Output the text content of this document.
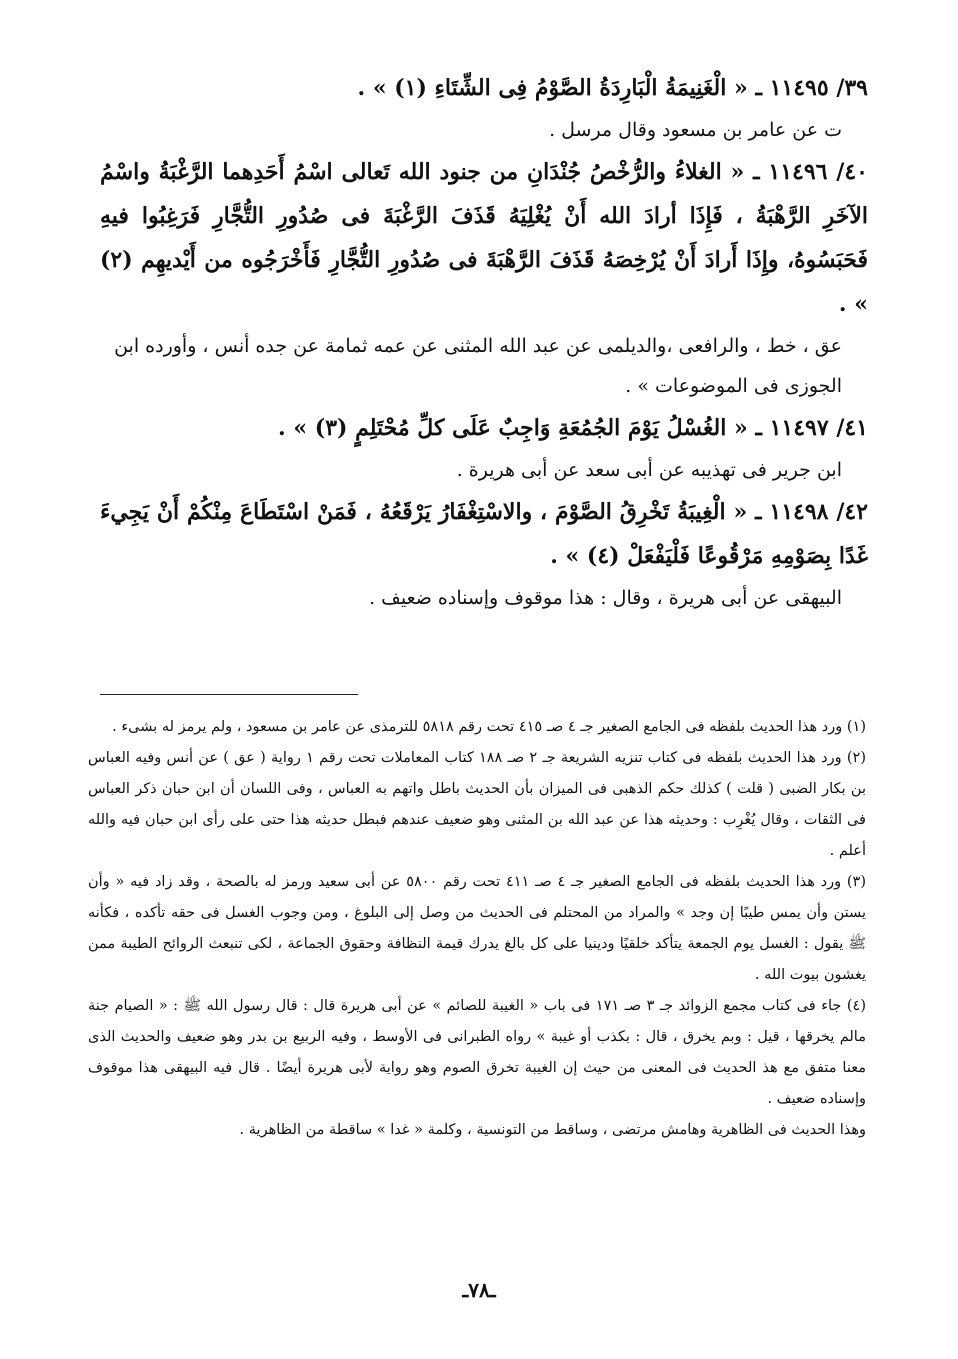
٣٩/ ١١٤٩٥ ـ « الْغَنِيمَةُ الْبَارِدَةُ الصَّوْمُ فِى الشِّتَاءِ (١) » .

ت عن عامر بن مسعود وقال مرسل .

٤٠/ ١١٤٩٦ ـ « الغلاءُ والرُّخْصُ جُنْدَانِ من جنود الله تَعالى اسْمُ أَحَدِهما الرَّغْبَةُ واسْمُ الآخَرِ الرَّهْبَةُ ، فَإِذَا أرادَ الله أَنْ يُغْلِيَهُ قَذَفَ الرَّغْبَةَ فى صُدُورِ التُّجَّارِ فَرَغِبُوا فيهِ فَحَبَسُوهُ، وإِذَا أَرادَ أَنْ يُرْخِصَهُ قَذَفَ الرَّهْبَةَ فى صُدُورِ التُّجَّارِ فَأَخْرَجُوه من أَيْديهِم (٢) » .

عق ، خط ، والرافعى ،والديلمى عن عبد الله المثنى عن عمه ثمامة عن جده أنس ، وأورده ابن الجوزى فى الموضوعات » .

٤١/ ١١٤٩٧ ـ « الغُسْلُ يَوْمَ الجُمُعَةِ وَاجِبٌ عَلَى كلِّ مُحْتَلِمٍ (٣) » .

ابن جرير فى تهذيبه عن أبى سعد عن أبى هريرة .

٤٢/ ١١٤٩٨ ـ « الْغِيبَةُ تَخْرِقُ الصَّوْمَ ، والاسْتِغْفَارُ يَرْقَعُهُ ، فَمَنْ اسْتَطَاعَ مِنْكُمْ أَنْ يَجِيءَ غَدًا بِصَوْمِهِ مَرْقُوعًا فَلْيَفْعَلْ (٤) » .

البيهقى عن أبى هريرة ، وقال : هذا موقوف وإسناده ضعيف .

(١) ورد هذا الحديث بلفظه فى الجامع الصغير جـ ٤ صـ ٤١٥ تحت رقم ٥٨١٨ للترمذى عن عامر بن مسعود ، ولم يرمز له بشىء .

(٢) ورد هذا الحديث بلفظه فى كتاب تنزيه الشريعة جـ ٢ صـ ١٨٨ كتاب المعاملات تحت رقم ١ رواية ( عق ) عن أنس وفيه العباس بن بكار الضبى ( قلت ) كذلك حكم الذهبى فى الميزان بأن الحديث باطل واتهم به العباس ، وفى اللسان أن ابن حبان ذكر العباس فى الثقات ، وقال يُغْرِب : وحديثه هذا عن عبد الله بن المثنى وهو ضعيف عندهم فبطل حديثه هذا حتى على رأى ابن حبان فيه والله أعلم .

(٣) ورد هذا الحديث بلفظه فى الجامع الصغير جـ ٤ صـ ٤١١ تحت رقم ٥٨٠٠ عن أبى سعيد ورمز له بالصحة ، وقد زاد فيه « وأن يستن وأن يمس طيبًا إن وجد » والمراد من المحتلم فى الحديث من وصل إلى البلوغ ، ومن وجوب الغسل فى حقه تأكده ، فكأنه ﷺ يقول : الغسل يوم الجمعة يتأكد خلقيًا ودينيا على كل بالغ يدرك قيمة النظافة وحقوق الجماعة ، لكى تنبعث الروائح الطيبة ممن يغشون بيوت الله .

(٤) جاء فى كتاب مجمع الزوائد جـ ٣ صـ ١٧١ فى باب « الغيبة للصائم » عن أبى هريرة قال : قال رسول الله ﷺ : « الصيام جنة مالم يخرقها ، قيل : وبم يخرق ، قال : بكذب أو غيبة » رواه الطبرانى فى الأوسط ، وفيه الربيع بن بدر وهو ضعيف والحديث الذى معنا متفق مع هذ الحديث فى المعنى من حيث إن الغيبة تخرق الصوم وهو رواية لأبى هريرة أيضًا . قال فيه البيهقى هذا موقوف وإسناده ضعيف .

وهذا الحديث فى الظاهرية وهامش مرتضى ، وساقط من التونسية ، وكلمة « غدا » ساقطة من الظاهرية .

ـ٧٨ـ
